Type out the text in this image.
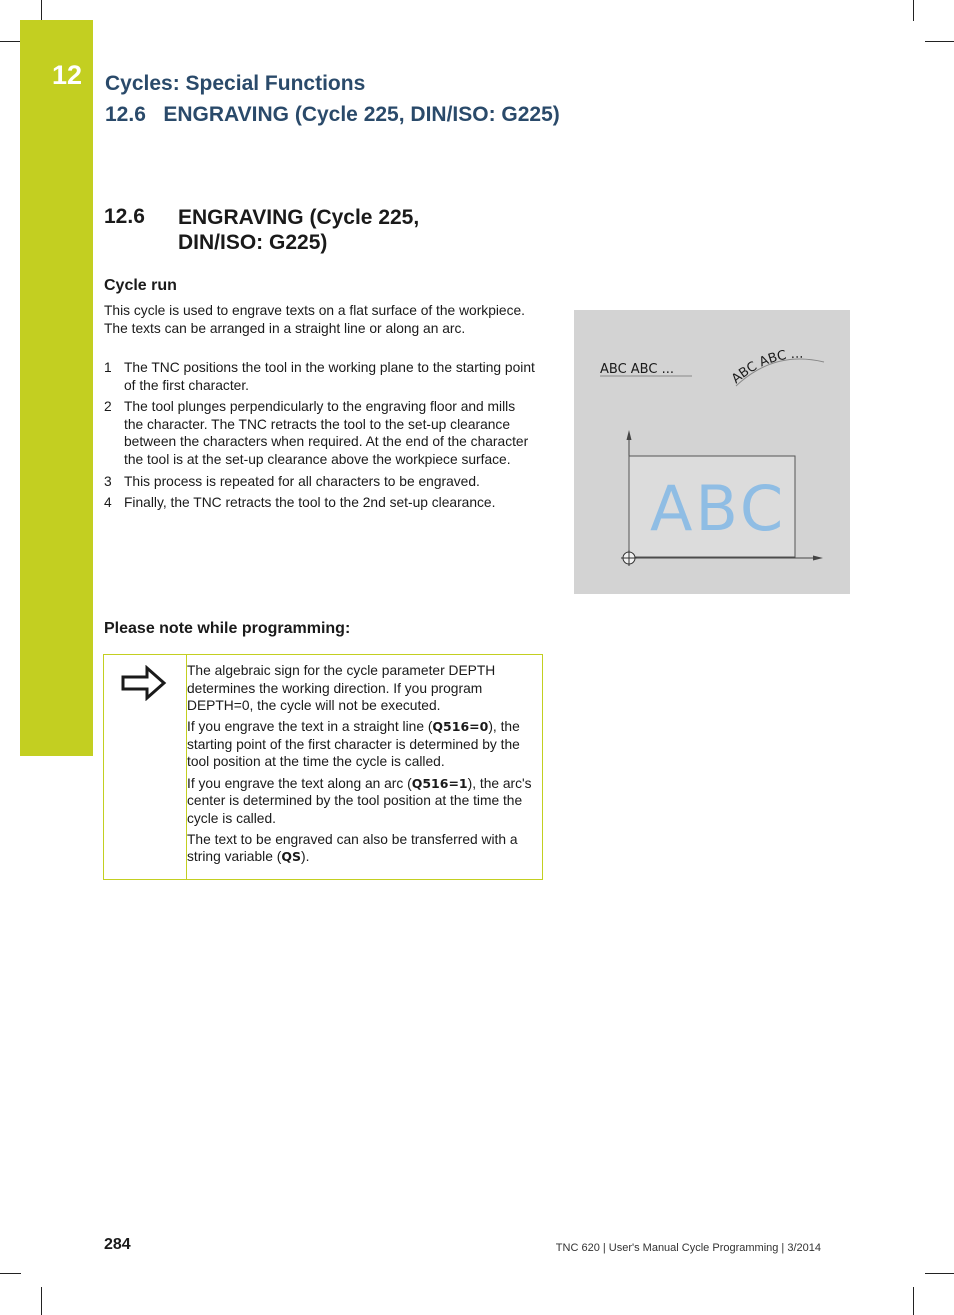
12 Cycles: Special Functions
12.6   ENGRAVING (Cycle 225, DIN/ISO: G225)
12.6 ENGRAVING (Cycle 225, DIN/ISO: G225)
Cycle run

This cycle is used to engrave texts on a flat surface of the workpiece. The texts can be arranged in a straight line or along an arc.

1 The TNC positions the tool in the working plane to the starting point of the first character.
2 The tool plunges perpendicularly to the engraving floor and mills the character. The TNC retracts the tool to the set-up clearance between the characters when required. At the end of the character the tool is at the set-up clearance above the workpiece surface.
3 This process is repeated for all characters to be engraved.
4 Finally, the TNC retracts the tool to the 2nd set-up clearance.
ABC ABC ...
ABC ABC ...
ABC
Please note while programming:

The algebraic sign for the cycle parameter DEPTH determines the working direction. If you program DEPTH=0, the cycle will not be executed.

If you engrave the text in a straight line (Q516=0), the starting point of the first character is determined by the tool position at the time the cycle is called.

If you engrave the text along an arc (Q516=1), the arc's center is determined by the tool position at the time the cycle is called.

The text to be engraved can also be transferred with a string variable (QS).

284	TNC 620 | User's Manual Cycle Programming | 3/2014
